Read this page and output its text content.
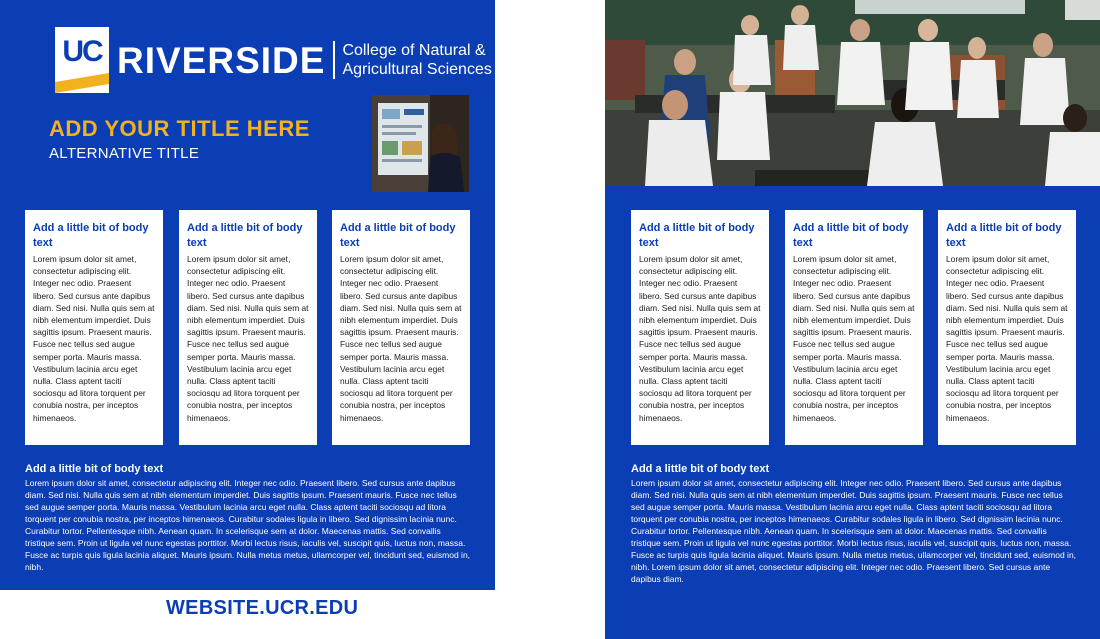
UC RIVERSIDE College of Natural &
Agricultural Sciences
ADD YOUR TITLE HERE
ALTERNATIVE TITLE
Add a little bit of body text

Lorem ipsum dolor sit amet, consectetur adipiscing elit. Integer nec odio. Praesent libero. Sed cursus ante dapibus diam. Sed nisi. Nulla quis sem at nibh elementum imperdiet. Duis sagittis ipsum. Praesent mauris. Fusce nec tellus sed augue semper porta. Mauris massa. Vestibulum lacinia arcu eget nulla. Class aptent taciti sociosqu ad litora torquent per conubia nostra, per inceptos himenaeos.

Add a little bit of body text

Lorem ipsum dolor sit amet, consectetur adipiscing elit. Integer nec odio. Praesent libero. Sed cursus ante dapibus diam. Sed nisi. Nulla quis sem at nibh elementum imperdiet. Duis sagittis ipsum. Praesent mauris. Fusce nec tellus sed augue semper porta. Mauris massa. Vestibulum lacinia arcu eget nulla. Class aptent taciti sociosqu ad litora torquent per conubia nostra, per inceptos himenaeos.

Add a little bit of body text

Lorem ipsum dolor sit amet, consectetur adipiscing elit. Integer nec odio. Praesent libero. Sed cursus ante dapibus diam. Sed nisi. Nulla quis sem at nibh elementum imperdiet. Duis sagittis ipsum. Praesent mauris. Fusce nec tellus sed augue semper porta. Mauris massa. Vestibulum lacinia arcu eget nulla. Class aptent taciti sociosqu ad litora torquent per conubia nostra, per inceptos himenaeos.

Add a little bit of body text

Lorem ipsum dolor sit amet, consectetur adipiscing elit. Integer nec odio. Praesent libero. Sed cursus ante dapibus diam. Sed nisi. Nulla quis sem at nibh elementum imperdiet. Duis sagittis ipsum. Praesent mauris. Fusce nec tellus sed augue semper porta. Mauris massa. Vestibulum lacinia arcu eget nulla. Class aptent taciti sociosqu ad litora torquent per conubia nostra, per inceptos himenaeos. Curabitur sodales ligula in libero. Sed dignissim lacinia nunc. Curabitur tortor. Pellentesque nibh. Aenean quam. In scelerisque sem at dolor. Maecenas mattis. Sed convallis tristique sem. Proin ut ligula vel nunc egestas porttitor. Morbi lectus risus, iaculis vel, suscipit quis, luctus non, massa. Fusce ac turpis quis ligula lacinia aliquet. Mauris ipsum. Nulla metus metus, ullamcorper vel, tincidunt sed, euismod in, nibh.

WEBSITE.UCR.EDU
Add a little bit of body text

Lorem ipsum dolor sit amet, consectetur adipiscing elit. Integer nec odio. Praesent libero. Sed cursus ante dapibus diam. Sed nisi. Nulla quis sem at nibh elementum imperdiet. Duis sagittis ipsum. Praesent mauris. Fusce nec tellus sed augue semper porta. Mauris massa. Vestibulum lacinia arcu eget nulla. Class aptent taciti sociosqu ad litora torquent per conubia nostra, per inceptos himenaeos.

Add a little bit of body text

Lorem ipsum dolor sit amet, consectetur adipiscing elit. Integer nec odio. Praesent libero. Sed cursus ante dapibus diam. Sed nisi. Nulla quis sem at nibh elementum imperdiet. Duis sagittis ipsum. Praesent mauris. Fusce nec tellus sed augue semper porta. Mauris massa. Vestibulum lacinia arcu eget nulla. Class aptent taciti sociosqu ad litora torquent per conubia nostra, per inceptos himenaeos.

Add a little bit of body text

Lorem ipsum dolor sit amet, consectetur adipiscing elit. Integer nec odio. Praesent libero. Sed cursus ante dapibus diam. Sed nisi. Nulla quis sem at nibh elementum imperdiet. Duis sagittis ipsum. Praesent mauris. Fusce nec tellus sed augue semper porta. Mauris massa. Vestibulum lacinia arcu eget nulla. Class aptent taciti sociosqu ad litora torquent per conubia nostra, per inceptos himenaeos.

Add a little bit of body text

Lorem ipsum dolor sit amet, consectetur adipiscing elit. Integer nec odio. Praesent libero. Sed cursus ante dapibus diam. Sed nisi. Nulla quis sem at nibh elementum imperdiet. Duis sagittis ipsum. Praesent mauris. Fusce nec tellus sed augue semper porta. Mauris massa. Vestibulum lacinia arcu eget nulla. Class aptent taciti sociosqu ad litora torquent per conubia nostra, per inceptos himenaeos. Curabitur sodales ligula in libero. Sed dignissim lacinia nunc. Curabitur tortor. Pellentesque nibh. Aenean quam. In scelerisque sem at dolor. Maecenas mattis. Sed convallis tristique sem. Proin ut ligula vel nunc egestas porttitor. Morbi lectus risus, iaculis vel, suscipit quis, luctus non, massa. Fusce ac turpis quis ligula lacinia aliquet. Mauris ipsum. Nulla metus metus, ullamcorper vel, tincidunt sed, euismod in, nibh. Lorem ipsum dolor sit amet, consectetur adipiscing elit. Integer nec odio. Praesent libero. Sed cursus ante dapibus diam.
